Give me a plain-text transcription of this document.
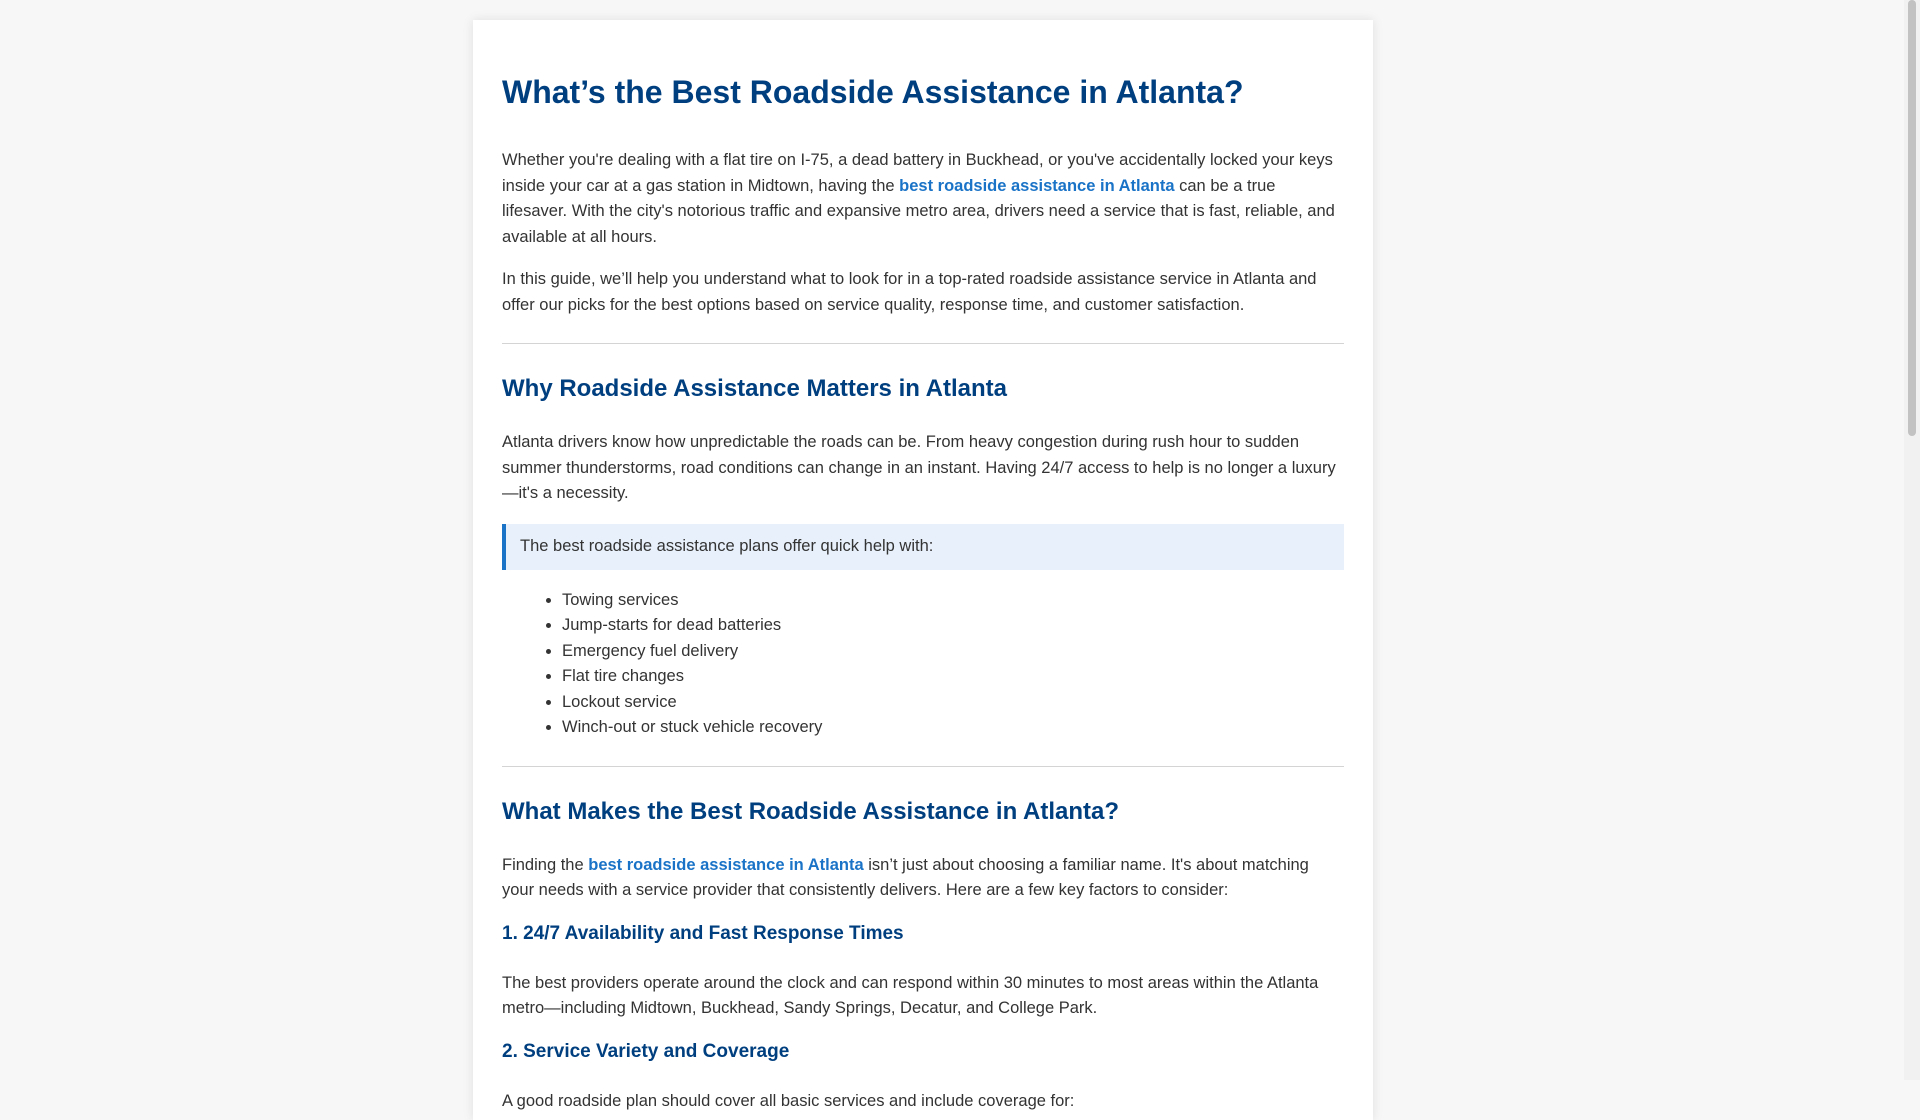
What’s the Best Roadside Assistance in Atlanta?

Whether you're dealing with a flat tire on I-75, a dead battery in Buckhead, or you've accidentally locked your keys inside your car at a gas station in Midtown, having the best roadside assistance in Atlanta can be a true lifesaver. With the city's notorious traffic and expansive metro area, drivers need a service that is fast, reliable, and available at all hours.

In this guide, we’ll help you understand what to look for in a top-rated roadside assistance service in Atlanta and offer our picks for the best options based on service quality, response time, and customer satisfaction.

Why Roadside Assistance Matters in Atlanta

Atlanta drivers know how unpredictable the roads can be. From heavy congestion during rush hour to sudden summer thunderstorms, road conditions can change in an instant. Having 24/7 access to help is no longer a luxury—it's a necessity.

The best roadside assistance plans offer quick help with:
• Towing services
• Jump-starts for dead batteries
• Emergency fuel delivery
• Flat tire changes
• Lockout service
• Winch-out or stuck vehicle recovery
What Makes the Best Roadside Assistance in Atlanta?

Finding the best roadside assistance in Atlanta isn’t just about choosing a familiar name. It's about matching your needs with a service provider that consistently delivers. Here are a few key factors to consider:

1. 24/7 Availability and Fast Response Times

The best providers operate around the clock and can respond within 30 minutes to most areas within the Atlanta metro—including Midtown, Buckhead, Sandy Springs, Decatur, and College Park.

2. Service Variety and Coverage

A good roadside plan should cover all basic services and include coverage for:
